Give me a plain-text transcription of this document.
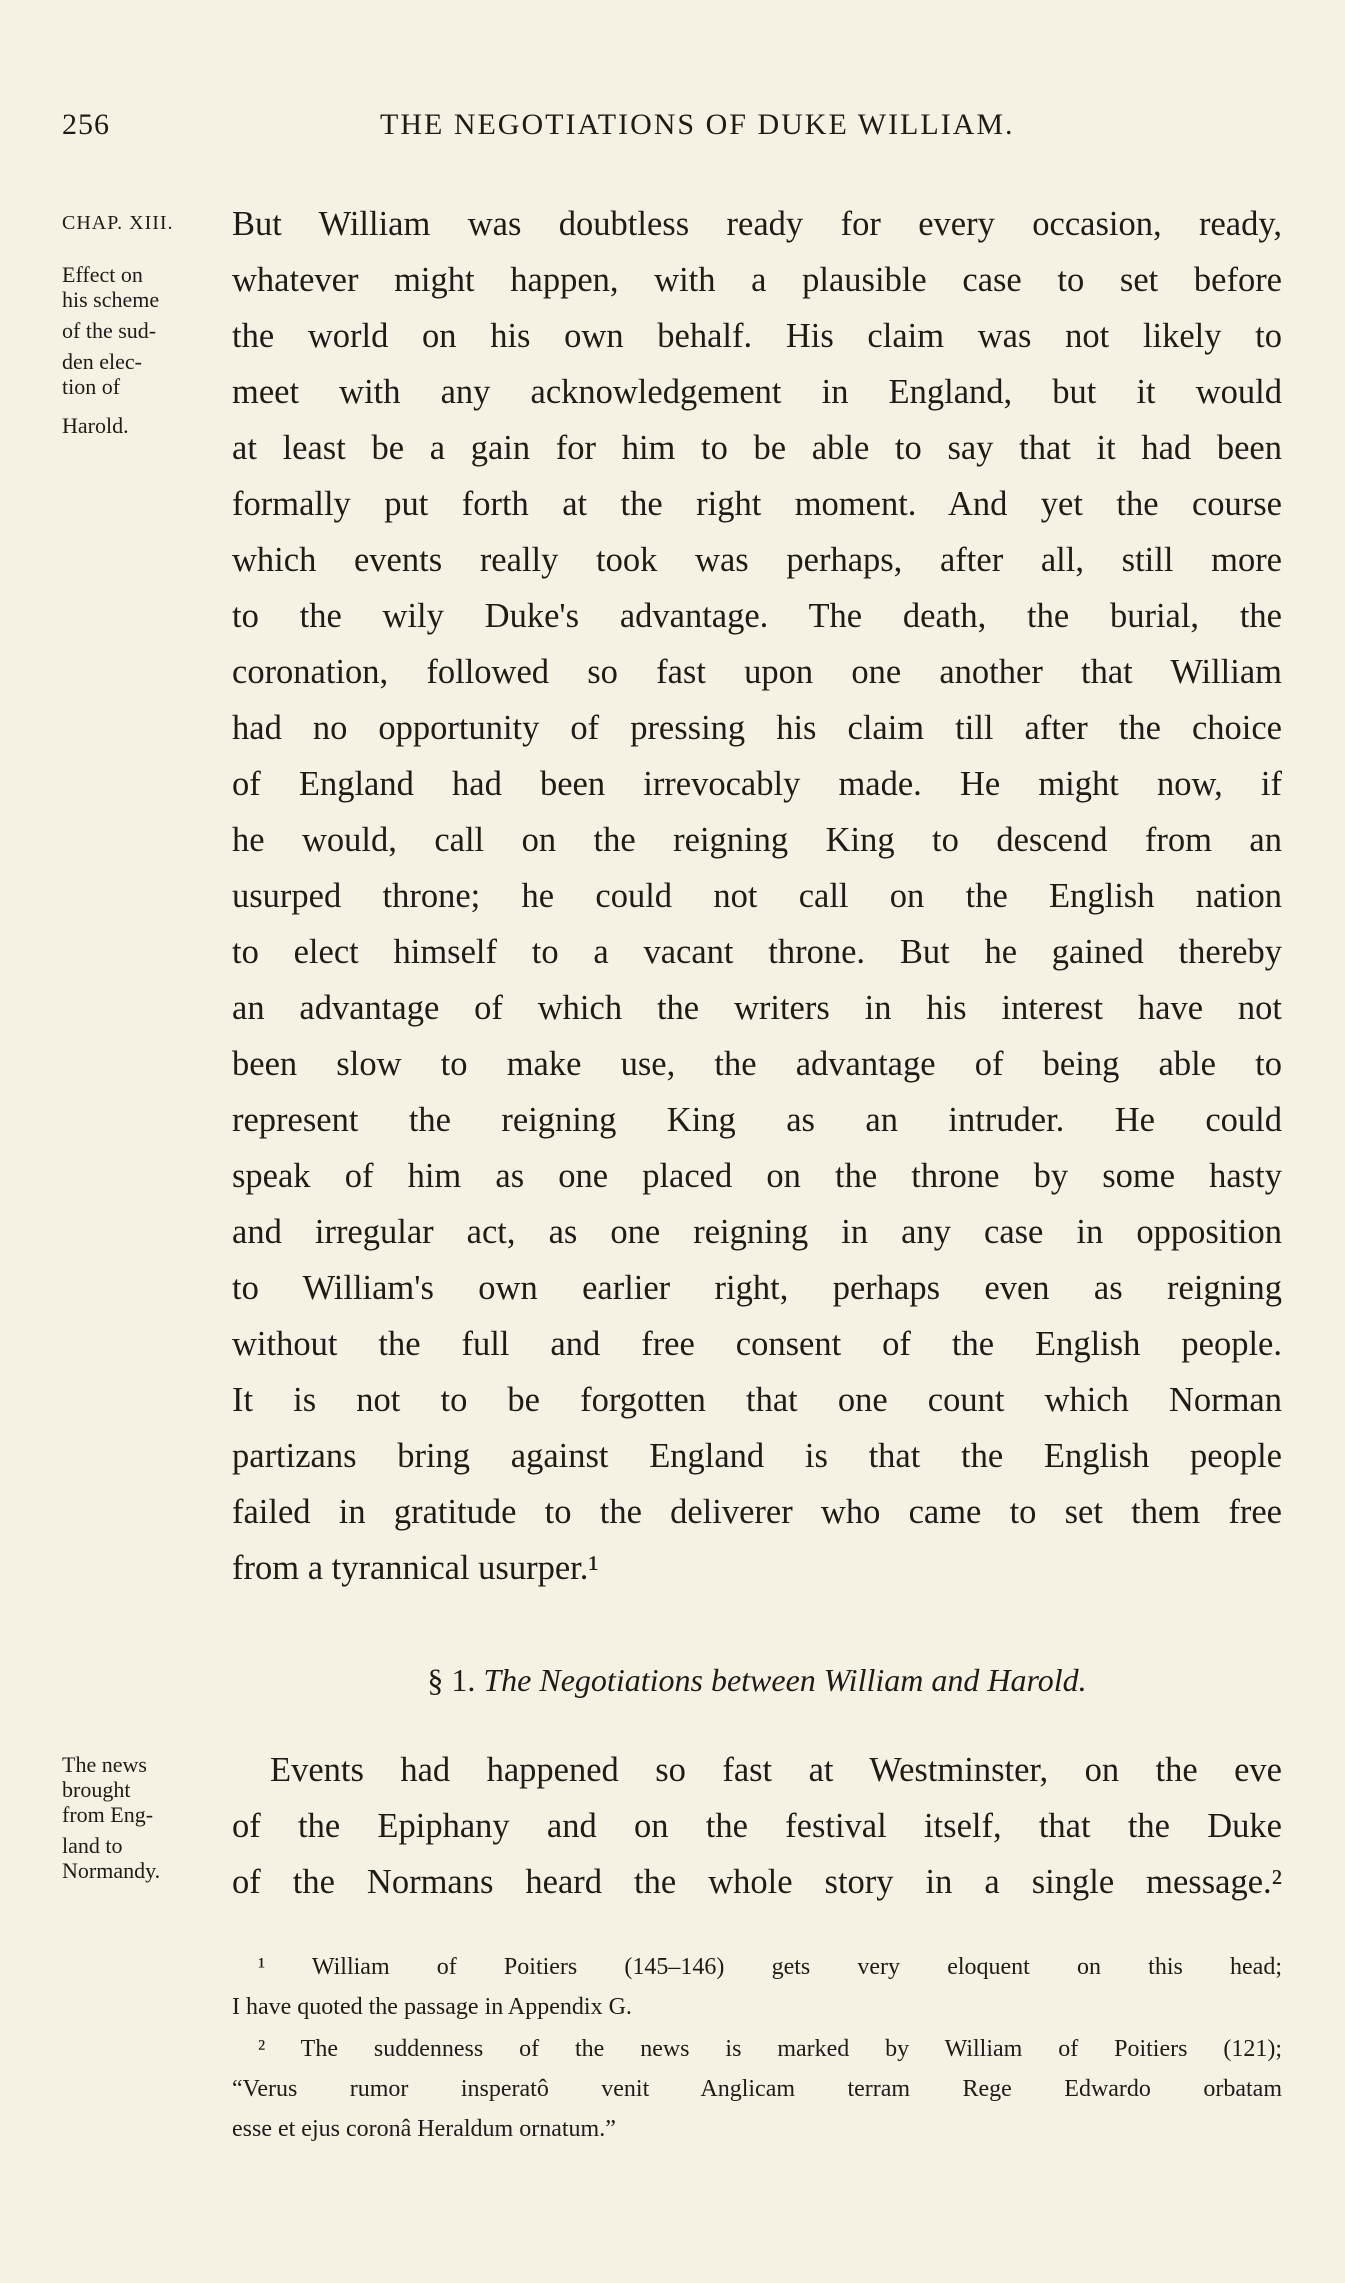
256	THE NEGOTIATIONS OF DUKE WILLIAM.
CHAP. XIII.
Effect on
his scheme
of the sud-
den elec-
tion of
Harold.
But William was doubtless ready for every occasion, ready,
whatever might happen, with a plausible case to set before
the world on his own behalf. His claim was not likely to
meet with any acknowledgement in England, but it would
at least be a gain for him to be able to say that it had been
formally put forth at the right moment. And yet the course
which events really took was perhaps, after all, still more
to the wily Duke's advantage. The death, the burial, the
coronation, followed so fast upon one another that William
had no opportunity of pressing his claim till after the choice
of England had been irrevocably made. He might now, if
he would, call on the reigning King to descend from an
usurped throne; he could not call on the English nation
to elect himself to a vacant throne. But he gained thereby
an advantage of which the writers in his interest have not
been slow to make use, the advantage of being able to
represent the reigning King as an intruder. He could
speak of him as one placed on the throne by some hasty
and irregular act, as one reigning in any case in opposition
to William's own earlier right, perhaps even as reigning
without the full and free consent of the English people.
It is not to be forgotten that one count which Norman
partizans bring against England is that the English people
failed in gratitude to the deliverer who came to set them free
from a tyrannical usurper.¹
§ 1. The Negotiations between William and Harold.
The news
brought
from Eng-
land to
Normandy.
Events had happened so fast at Westminster, on the eve
of the Epiphany and on the festival itself, that the Duke
of the Normans heard the whole story in a single message.²
¹ William of Poitiers (145–146) gets very eloquent on this head;
I have quoted the passage in Appendix G.
² The suddenness of the news is marked by William of Poitiers (121);
“Verus rumor insperatô venit Anglicam terram Rege Edwardo orbatam
esse et ejus coronâ Heraldum ornatum.”
